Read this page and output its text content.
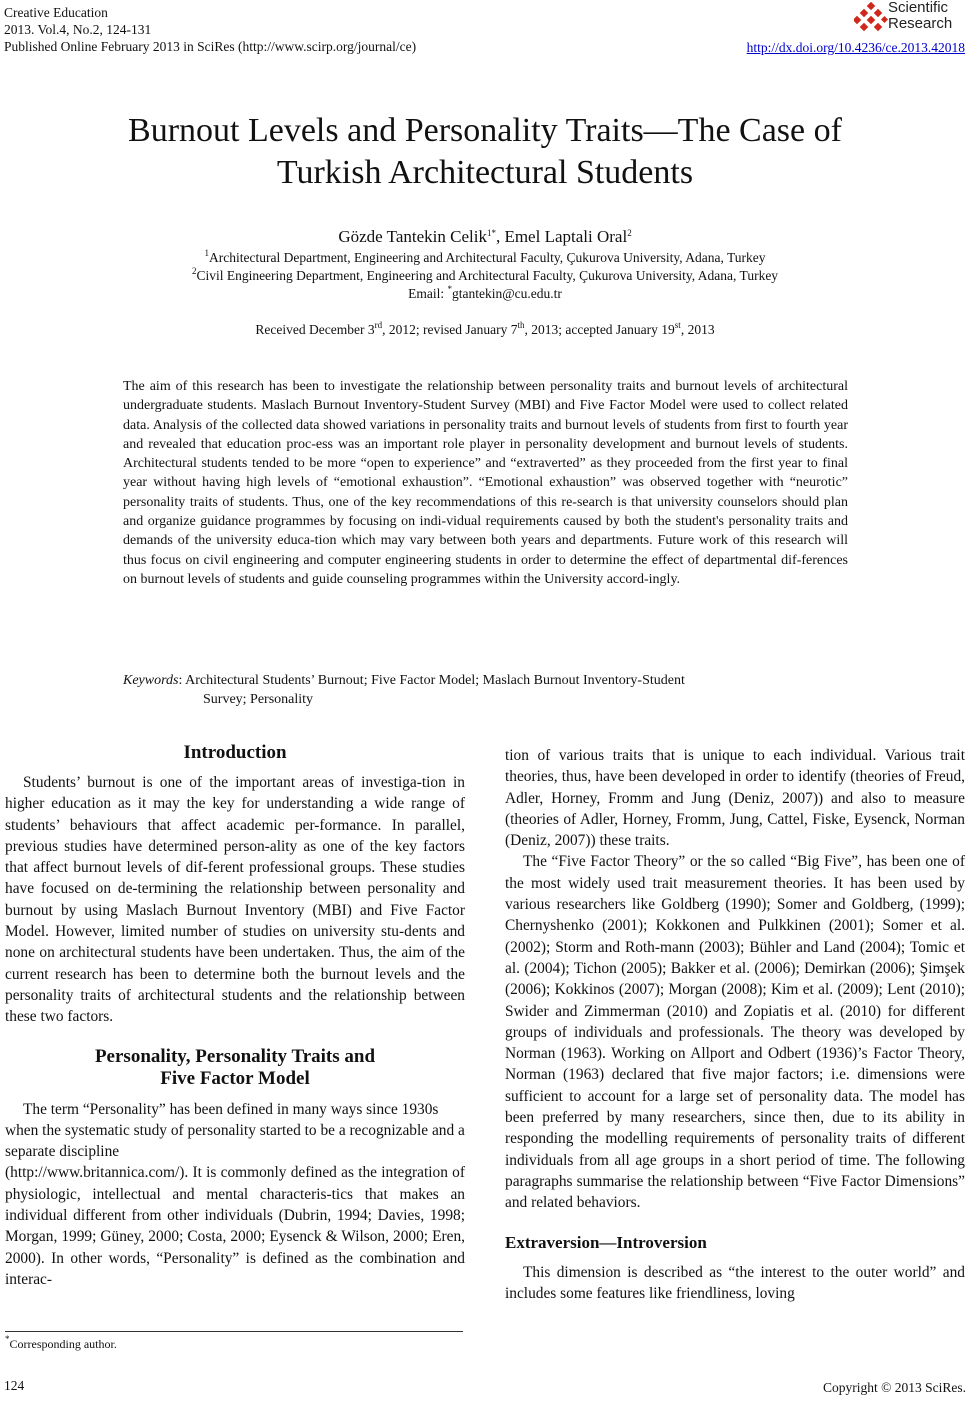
Creative Education
2013. Vol.4, No.2, 124-131
Published Online February 2013 in SciRes (http://www.scirp.org/journal/ce)
Scientific
Research
http://dx.doi.org/10.4236/ce.2013.42018
Burnout Levels and Personality Traits—The Case of
Turkish Architectural Students
Gözde Tantekin Celik$^{1*}$, Emel Laptali Oral$^2$
$^1$Architectural Department, Engineering and Architectural Faculty, Çukurova University, Adana, Turkey
$^2$Civil Engineering Department, Engineering and Architectural Faculty, Çukurova University, Adana, Turkey
Email: *gtantekin@cu.edu.tr
Received December 3rd, 2012; revised January 7th, 2013; accepted January 19st, 2013
The aim of this research has been to investigate the relationship between personality traits and burnout levels of architectural undergraduate students. Maslach Burnout Inventory-Student Survey (MBI) and Five Factor Model were used to collect related data. Analysis of the collected data showed variations in personality traits and burnout levels of students from first to fourth year and revealed that education proc-ess was an important role player in personality development and burnout levels of students. Architectural students tended to be more “open to experience” and “extraverted” as they proceeded from the first year to final year without having high levels of “emotional exhaustion”. “Emotional exhaustion” was observed together with “neurotic” personality traits of students. Thus, one of the key recommendations of this re-search is that university counselors should plan and organize guidance programmes by focusing on indi-vidual requirements caused by both the student's personality traits and demands of the university educa-tion which may vary between both years and departments. Future work of this research will thus focus on civil engineering and computer engineering students in order to determine the effect of departmental dif-ferences on burnout levels of students and guide counseling programmes within the University accord-ingly.
Keywords: Architectural Students’ Burnout; Five Factor Model; Maslach Burnout Inventory-Student
Survey; Personality
Introduction

Students’ burnout is one of the important areas of investiga-tion in higher education as it may the key for understanding a wide range of students’ behaviours that affect academic per-formance. In parallel, previous studies have determined person-ality as one of the key factors that affect burnout levels of dif-ferent professional groups. These studies have focused on de-termining the relationship between personality and burnout by using Maslach Burnout Inventory (MBI) and Five Factor Model. However, limited number of studies on university stu-dents and none on architectural students have been undertaken. Thus, the aim of the current research has been to determine both the burnout levels and the personality traits of architectural students and the relationship between these two factors.

Personality, Personality Traits and
Five Factor Model

The term “Personality” has been defined in many ways since 1930s when the systematic study of personality started to be a recognizable and a separate discipline

(http://www.britannica.com/). It is commonly defined as the integration of physiologic, intellectual and mental characteris-tics that makes an individual different from other individuals (Dubrin, 1994; Davies, 1998; Morgan, 1999; Güney, 2000; Costa, 2000; Eysenck & Wilson, 2000; Eren, 2000). In other words, “Personality” is defined as the combination and interac-

tion of various traits that is unique to each individual. Various trait theories, thus, have been developed in order to identify (theories of Freud, Adler, Horney, Fromm and Jung (Deniz, 2007)) and also to measure (theories of Adler, Horney, Fromm, Jung, Cattel, Fiske, Eysenck, Norman (Deniz, 2007)) these traits.

The “Five Factor Theory” or the so called “Big Five”, has been one of the most widely used trait measurement theories. It has been used by various researchers like Goldberg (1990); Somer and Goldberg, (1999); Chernyshenko (2001); Kokkonen and Pulkkinen (2001); Somer et al. (2002); Storm and Roth-mann (2003); Bühler and Land (2004); Tomic et al. (2004); Tichon (2005); Bakker et al. (2006); Demirkan (2006); Şimşek (2006); Kokkinos (2007); Morgan (2008); Kim et al. (2009); Lent (2010); Swider and Zimmerman (2010) and Zopiatis et al. (2010) for different groups of individuals and professionals. The theory was developed by Norman (1963). Working on Allport and Odbert (1936)’s Factor Theory, Norman (1963) declared that five major factors; i.e. dimensions were sufficient to account for a large set of personality data. The model has been preferred by many researchers, since then, due to its ability in responding the modelling requirements of personality traits of different individuals from all age groups in a short period of time. The following paragraphs summarise the relationship between “Five Factor Dimensions” and related behaviors.

Extraversion—Introversion

This dimension is described as “the interest to the outer world” and includes some features like friendliness, loving

*Corresponding author.
124	Copyright © 2013 SciRes.
